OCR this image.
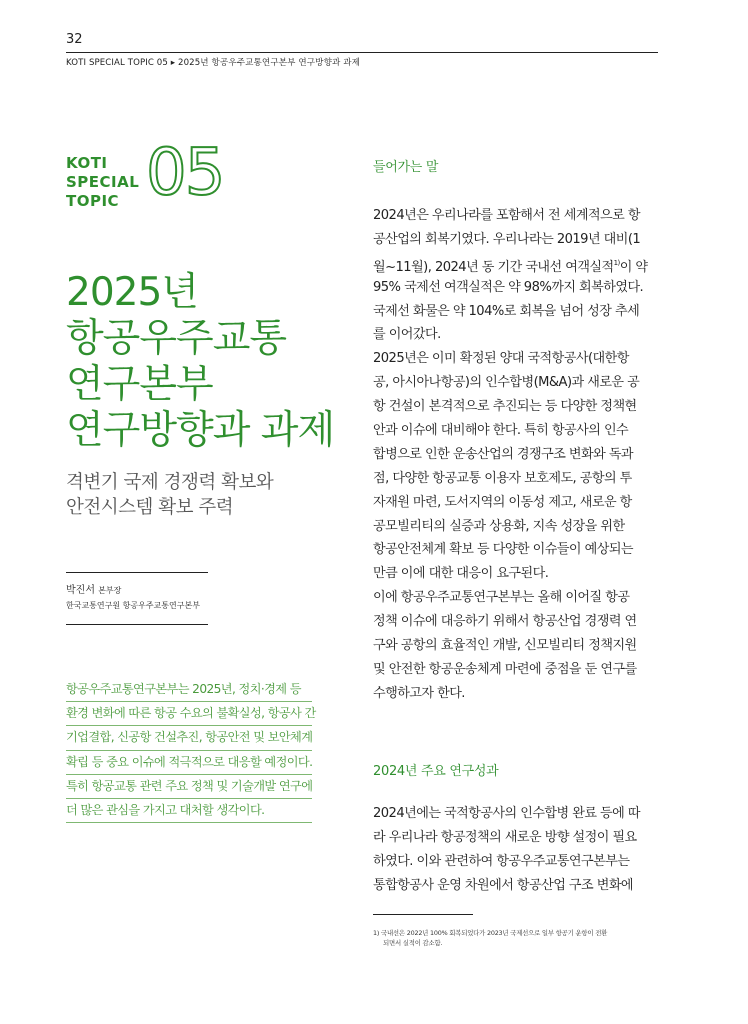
32
KOTI SPECIAL TOPIC 05 ▸ 2025년 항공우주교통연구본부 연구방향과 과제
KOTI
SPECIAL
TOPIC 05
2025년
항공우주교통
연구본부
연구방향과 과제
격변기 국제 경쟁력 확보와
안전시스템 확보 주력
박진서 본부장
한국교통연구원 항공우주교통연구본부
항공우주교통연구본부는 2025년, 정치·경제 등
환경 변화에 따른 항공 수요의 불확실성, 항공사 간
기업결합, 신공항 건설추진, 항공안전 및 보안체계
확립 등 중요 이슈에 적극적으로 대응할 예정이다.
특히 항공교통 관련 주요 정책 및 기술개발 연구에
더 많은 관심을 가지고 대처할 생각이다.
들어가는 말
2024년은 우리나라를 포함해서 전 세계적으로 항
공산업의 회복기였다. 우리나라는 2019년 대비(1
월~11월), 2024년 동 기간 국내선 여객실적$^{1)}$이 약
95% 국제선 여객실적은 약 98%까지 회복하였다.
국제선 화물은 약 104%로 회복을 넘어 성장 추세
를 이어갔다.
2025년은 이미 확정된 양대 국적항공사(대한항
공, 아시아나항공)의 인수합병(M&A)과 새로운 공
항 건설이 본격적으로 추진되는 등 다양한 정책현
안과 이슈에 대비해야 한다. 특히 항공사의 인수
합병으로 인한 운송산업의 경쟁구조 변화와 독과
점, 다양한 항공교통 이용자 보호제도, 공항의 투
자재원 마련, 도서지역의 이동성 제고, 새로운 항
공모빌리티의 실증과 상용화, 지속 성장을 위한
항공안전체계 확보 등 다양한 이슈들이 예상되는
만큼 이에 대한 대응이 요구된다.
이에 항공우주교통연구본부는 올해 이어질 항공
정책 이슈에 대응하기 위해서 항공산업 경쟁력 연
구와 공항의 효율적인 개발, 신모빌리티 정책지원
및 안전한 항공운송체계 마련에 중점을 둔 연구를
수행하고자 한다.
2024년 주요 연구성과
2024년에는 국적항공사의 인수합병 완료 등에 따
라 우리나라 항공정책의 새로운 방향 설정이 필요
하였다. 이와 관련하여 항공우주교통연구본부는
통합항공사 운영 차원에서 항공산업 구조 변화에
1) 국내선은 2022년 100% 회복되었다가 2023년 국제선으로 일부 항공기 운항이 전환
되면서 실적이 감소함.
